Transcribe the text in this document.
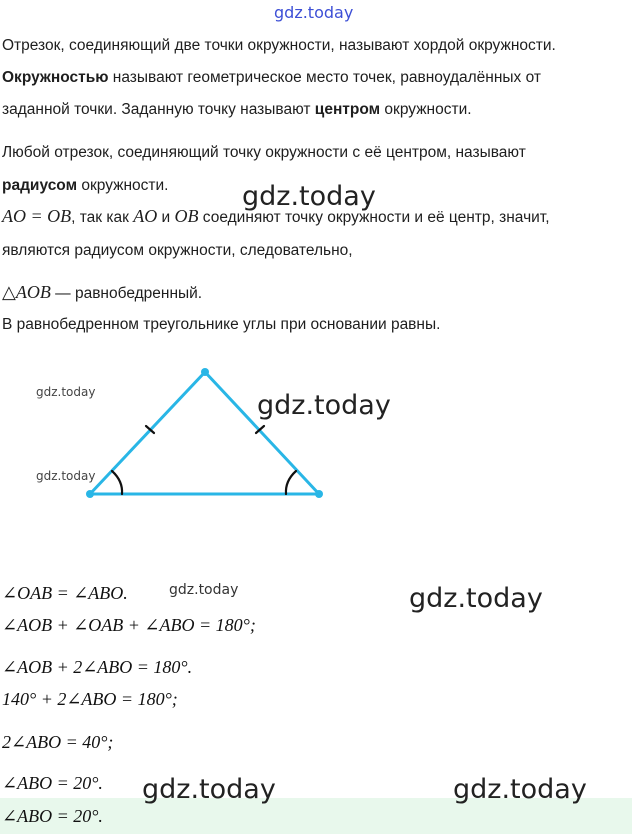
gdz.today
Отрезок, соединяющий две точки окружности, называют хордой окружности.
Окружностью называют геометрическое место точек, равноудалённых от
заданной точки. Заданную точку называют центром окружности.
Любой отрезок, соединяющий точку окружности с её центром, называют
радиусом окружности.	gdz.today
AO = OB, так как AO и OB соединяют точку окружности и её центр, значит,
являются радиусом окружности, следовательно,
△AOB — равнобедренный.
В равнобедренном треугольнике углы при основании равны.
gdz.today	gdz.today
gdz.today
∠OAB = ∠ABO.	gdz.today	gdz.today
∠AOB + ∠OAB + ∠ABO = 180°;
∠AOB + 2∠ABO = 180°.
140° + 2∠ABO = 180°;
2∠ABO = 40°;
∠ABO = 20°.
∠ABO = 20°.
gdz.today	gdz.today
